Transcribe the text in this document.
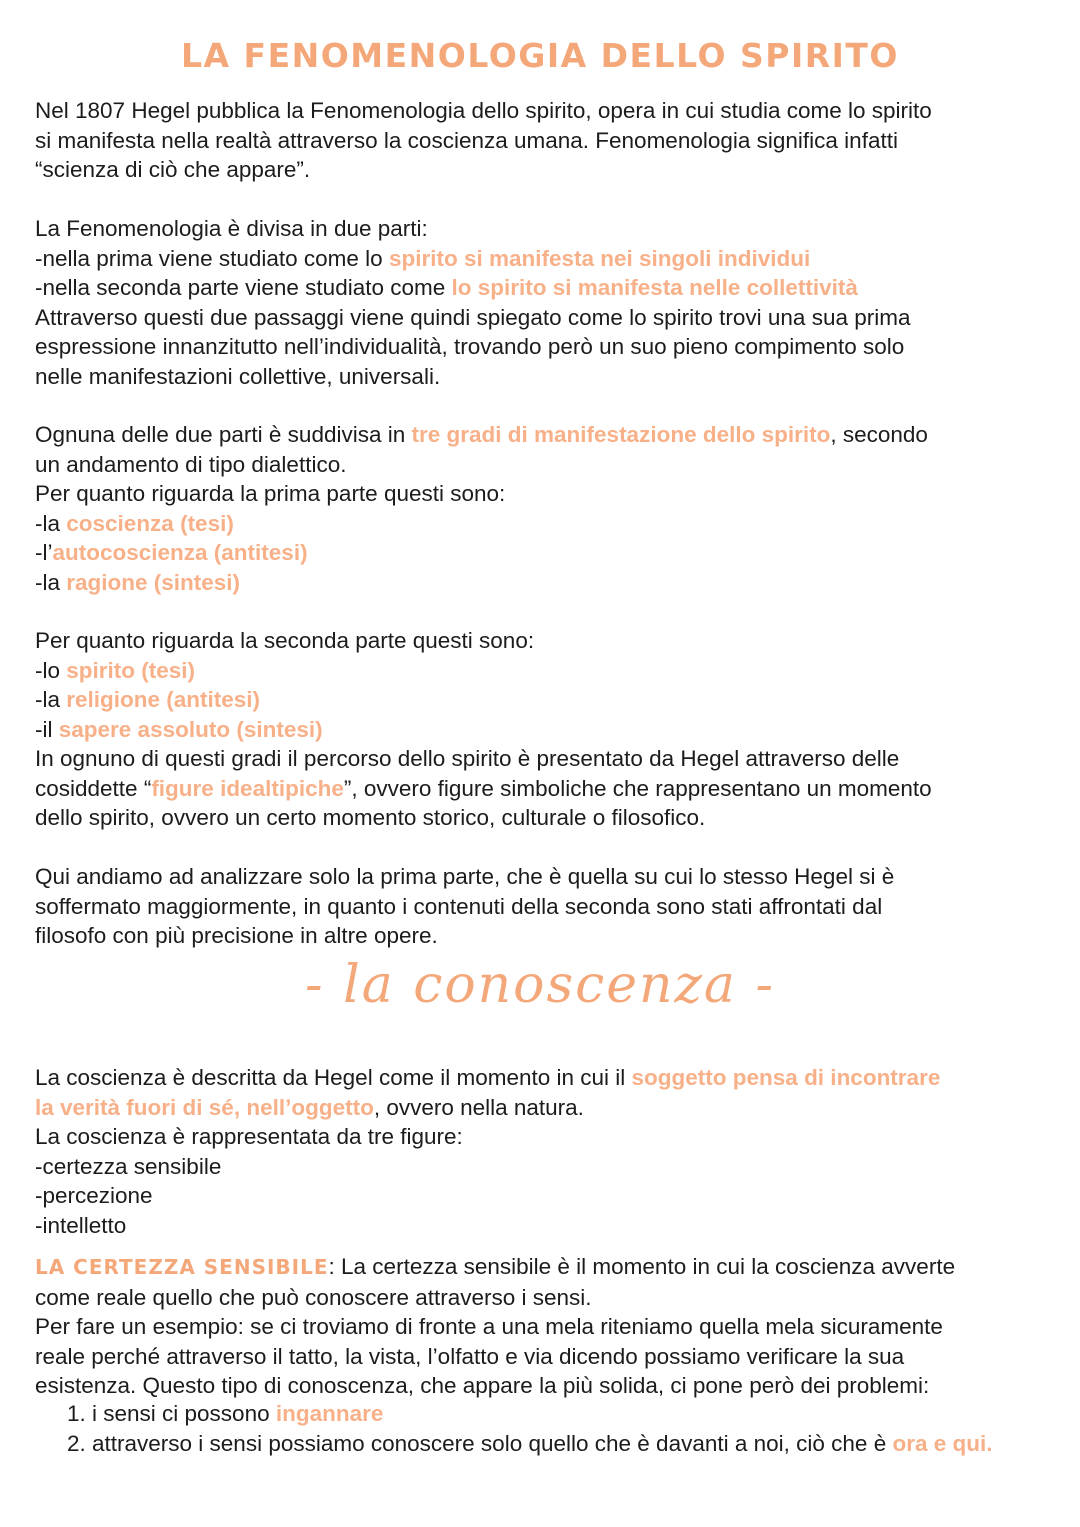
LA FENOMENOLOGIA DELLO SPIRITO

Nel 1807 Hegel pubblica la Fenomenologia dello spirito, opera in cui studia come lo spirito
si manifesta nella realtà attraverso la coscienza umana. Fenomenologia significa infatti
“scienza di ciò che appare”.

La Fenomenologia è divisa in due parti:
-nella prima viene studiato come lo spirito si manifesta nei singoli individui
-nella seconda parte viene studiato come lo spirito si manifesta nelle collettività
Attraverso questi due passaggi viene quindi spiegato come lo spirito trovi una sua prima
espressione innanzitutto nell’individualità, trovando però un suo pieno compimento solo
nelle manifestazioni collettive, universali.

Ognuna delle due parti è suddivisa in tre gradi di manifestazione dello spirito, secondo
un andamento di tipo dialettico.
Per quanto riguarda la prima parte questi sono:
-la coscienza (tesi)
-l’autocoscienza (antitesi)
-la ragione (sintesi)

Per quanto riguarda la seconda parte questi sono:
-lo spirito (tesi)
-la religione (antitesi)
-il sapere assoluto (sintesi)
In ognuno di questi gradi il percorso dello spirito è presentato da Hegel attraverso delle
cosiddette “figure idealtipiche”, ovvero figure simboliche che rappresentano un momento
dello spirito, ovvero un certo momento storico, culturale o filosofico.

Qui andiamo ad analizzare solo la prima parte, che è quella su cui lo stesso Hegel si è
soffermato maggiormente, in quanto i contenuti della seconda sono stati affrontati dal
filosofo con più precisione in altre opere.

- la conoscenza -

La coscienza è descritta da Hegel come il momento in cui il soggetto pensa di incontrare
la verità fuori di sé, nell’oggetto, ovvero nella natura.
La coscienza è rappresentata da tre figure:
-certezza sensibile
-percezione
-intelletto

LA CERTEZZA SENSIBILE: La certezza sensibile è il momento in cui la coscienza avverte
come reale quello che può conoscere attraverso i sensi.
Per fare un esempio: se ci troviamo di fronte a una mela riteniamo quella mela sicuramente
reale perché attraverso il tatto, la vista, l’olfatto e via dicendo possiamo verificare la sua
esistenza. Questo tipo di conoscenza, che appare la più solida, ci pone però dei problemi:

1. i sensi ci possono ingannare
2. attraverso i sensi possiamo conoscere solo quello che è davanti a noi, ciò che è ora e qui.
